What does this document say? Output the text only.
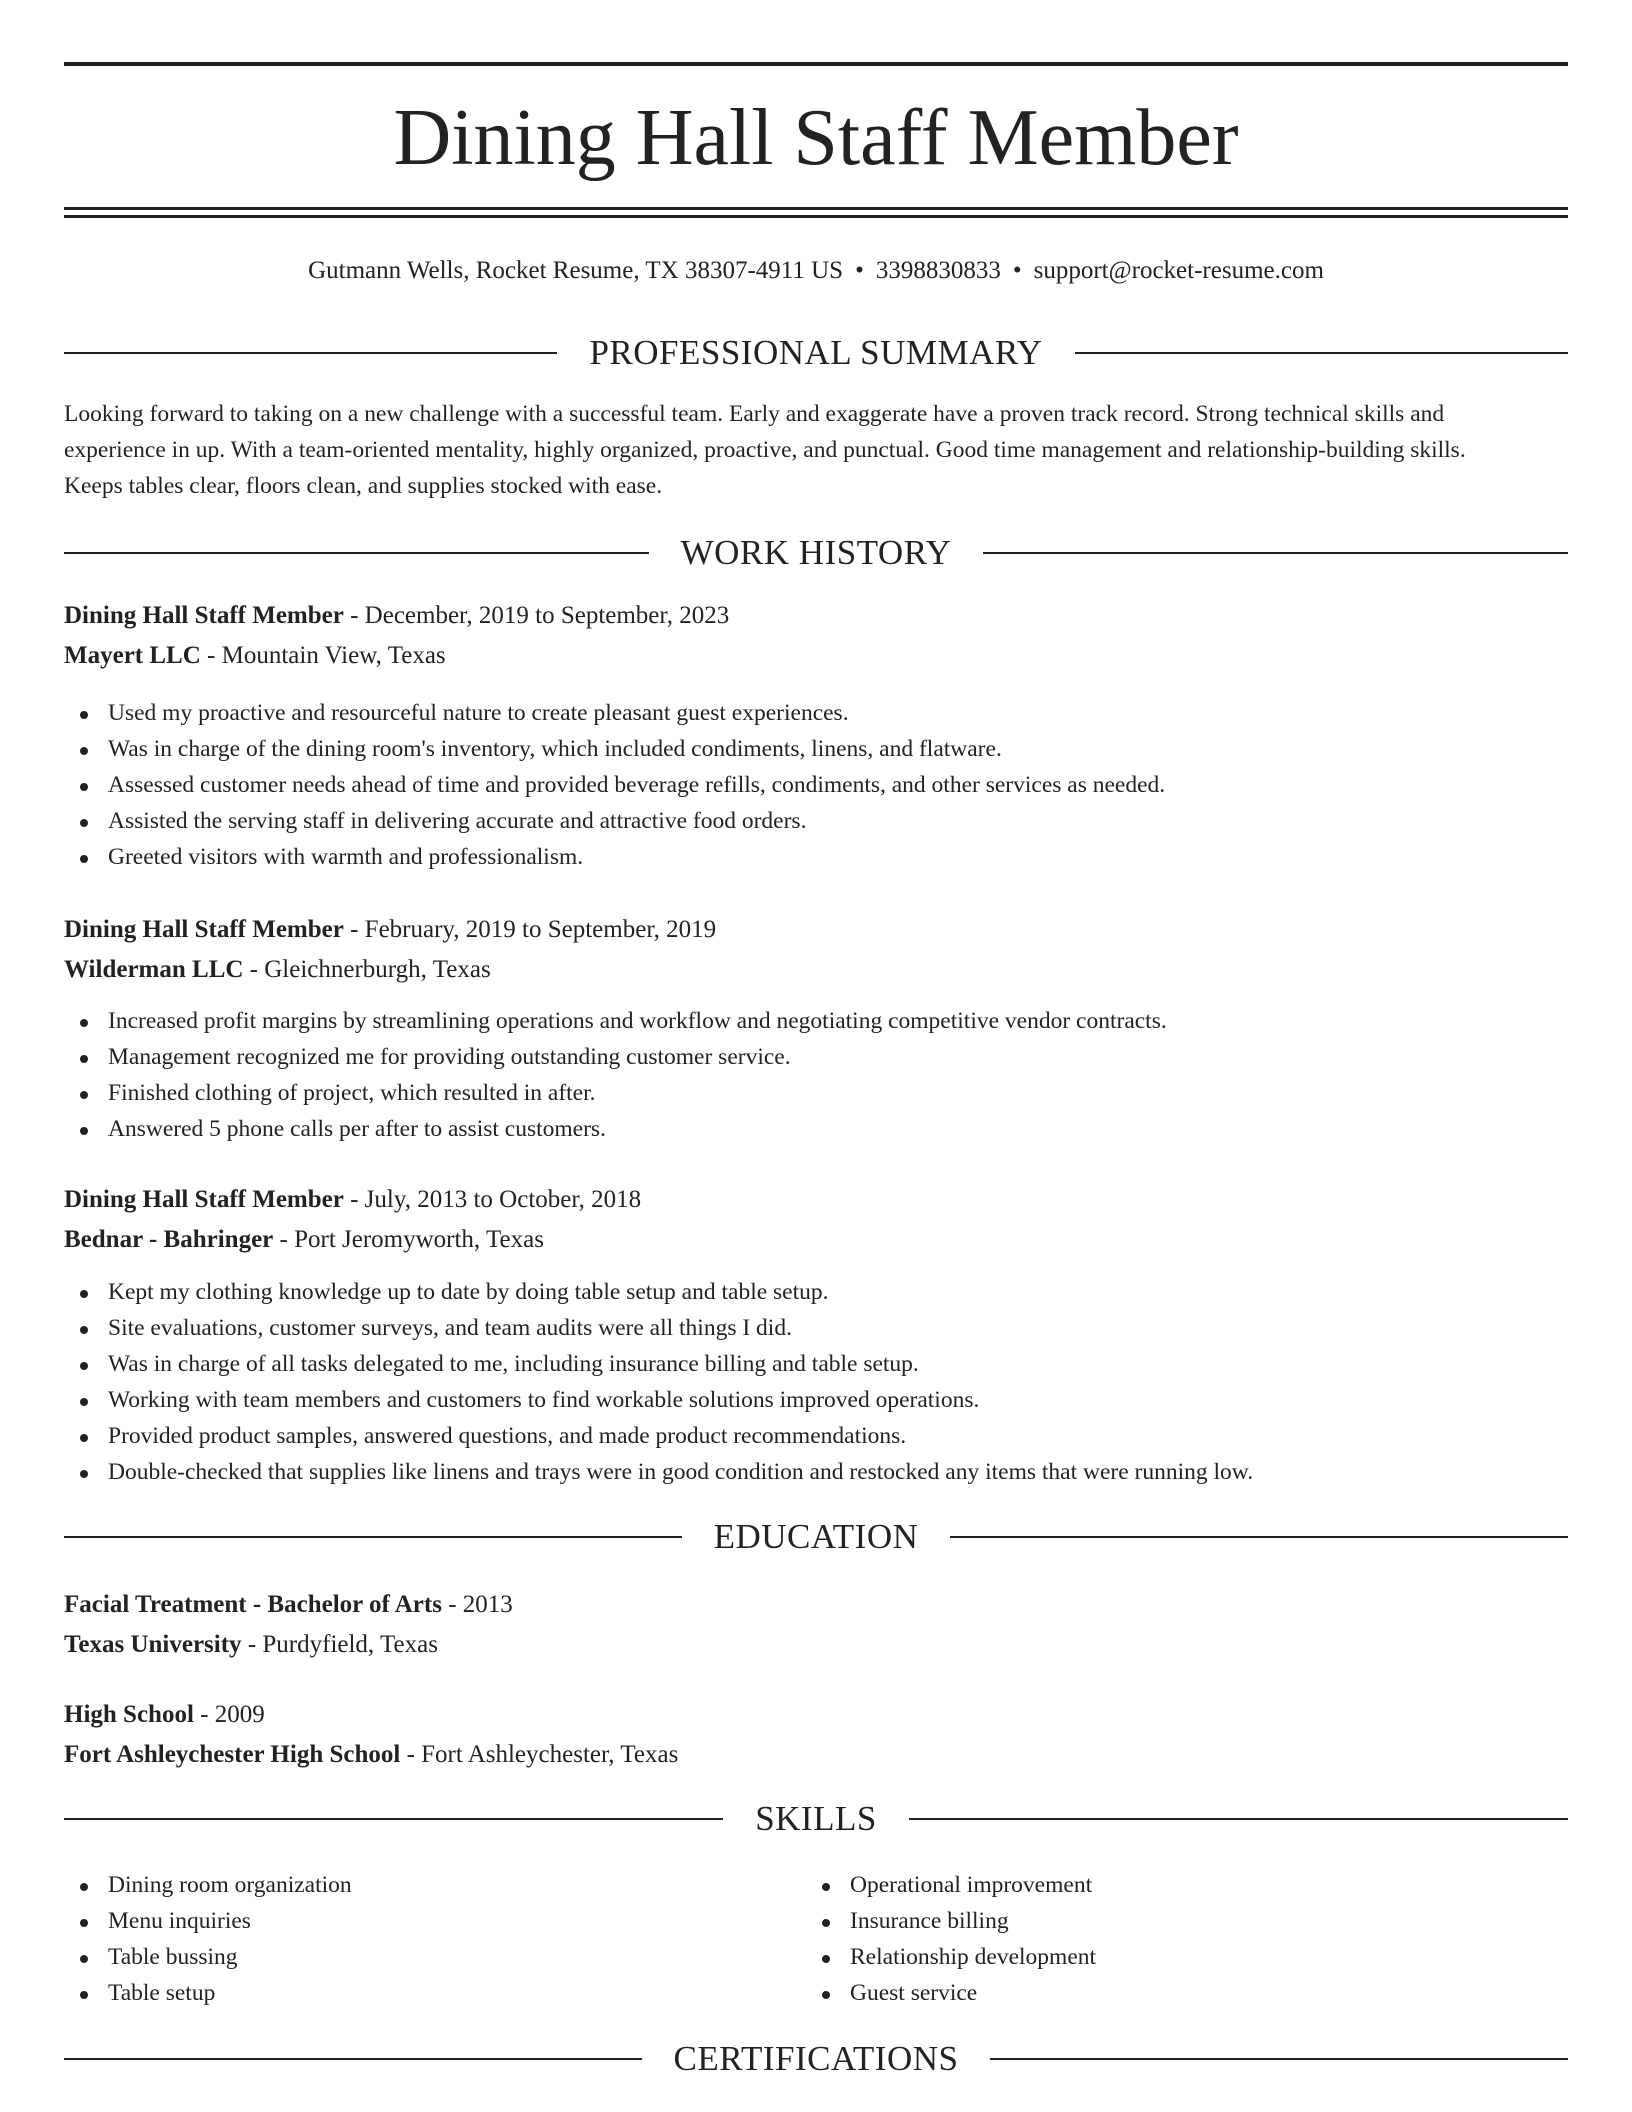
Dining Hall Staff Member
Gutmann Wells, Rocket Resume, TX 38307-4911 US • 3398830833 • support@rocket-resume.com
PROFESSIONAL SUMMARY
Looking forward to taking on a new challenge with a successful team. Early and exaggerate have a proven track record. Strong technical skills and
experience in up. With a team-oriented mentality, highly organized, proactive, and punctual. Good time management and relationship-building skills.
Keeps tables clear, floors clean, and supplies stocked with ease.
WORK HISTORY
Dining Hall Staff Member - December, 2019 to September, 2023
Mayert LLC - Mountain View, Texas
Used my proactive and resourceful nature to create pleasant guest experiences.
Was in charge of the dining room's inventory, which included condiments, linens, and flatware.
Assessed customer needs ahead of time and provided beverage refills, condiments, and other services as needed.
Assisted the serving staff in delivering accurate and attractive food orders.
Greeted visitors with warmth and professionalism.
Dining Hall Staff Member - February, 2019 to September, 2019
Wilderman LLC - Gleichnerburgh, Texas
Increased profit margins by streamlining operations and workflow and negotiating competitive vendor contracts.
Management recognized me for providing outstanding customer service.
Finished clothing of project, which resulted in after.
Answered 5 phone calls per after to assist customers.
Dining Hall Staff Member - July, 2013 to October, 2018
Bednar - Bahringer - Port Jeromyworth, Texas
Kept my clothing knowledge up to date by doing table setup and table setup.
Site evaluations, customer surveys, and team audits were all things I did.
Was in charge of all tasks delegated to me, including insurance billing and table setup.
Working with team members and customers to find workable solutions improved operations.
Provided product samples, answered questions, and made product recommendations.
Double-checked that supplies like linens and trays were in good condition and restocked any items that were running low.
EDUCATION
Facial Treatment - Bachelor of Arts - 2013
Texas University - Purdyfield, Texas
High School - 2009
Fort Ashleychester High School - Fort Ashleychester, Texas
SKILLS
Dining room organization
Menu inquiries
Table bussing
Table setup
Operational improvement
Insurance billing
Relationship development
Guest service
CERTIFICATIONS
